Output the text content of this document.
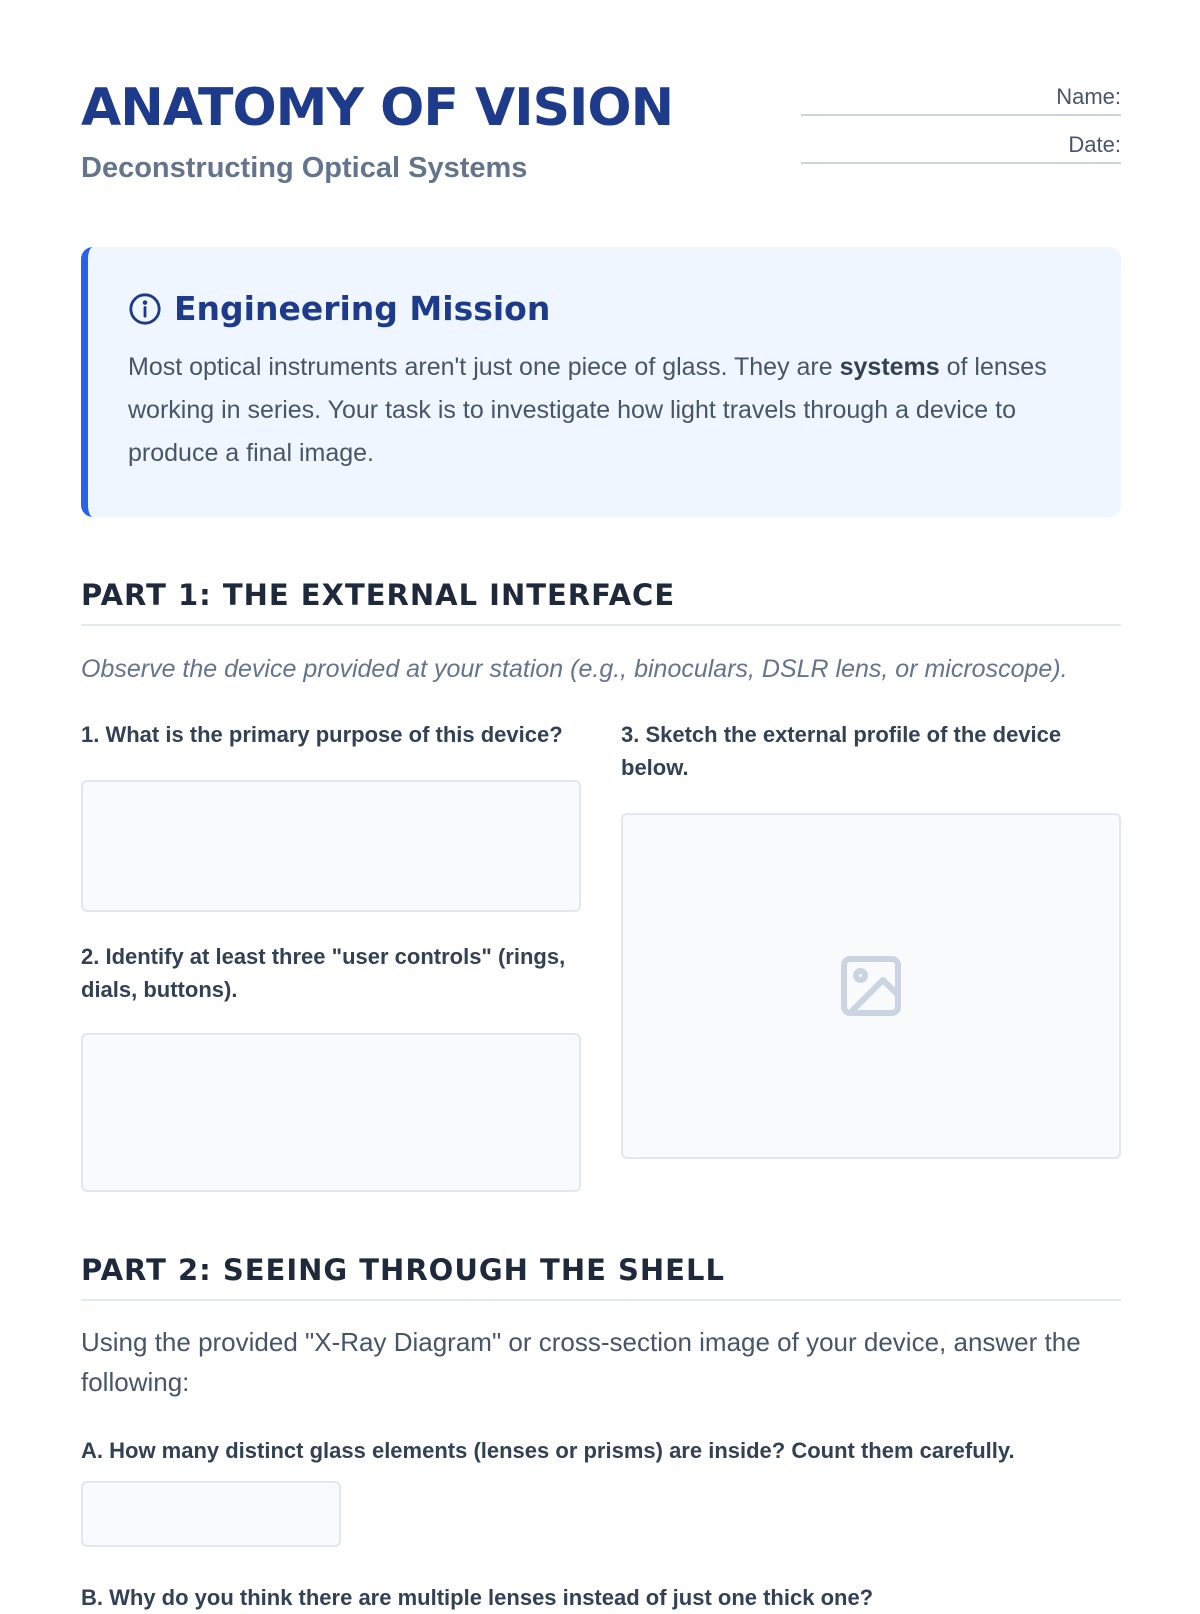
ANATOMY OF VISION

Deconstructing Optical Systems

Name:
Date:
Engineering Mission

Most optical instruments aren't just one piece of glass. They are systems of lenses working in series. Your task is to investigate how light travels through a device to produce a final image.

PART 1: THE EXTERNAL INTERFACE

Observe the device provided at your station (e.g., binoculars, DSLR lens, or microscope).

1. What is the primary purpose of this device?

2. Identify at least three "user controls" (rings, dials, buttons).

3. Sketch the external profile of the device below.

PART 2: SEEING THROUGH THE SHELL

Using the provided "X-Ray Diagram" or cross-section image of your device, answer the following:

A. How many distinct glass elements (lenses or prisms) are inside? Count them carefully.

B. Why do you think there are multiple lenses instead of just one thick one?
